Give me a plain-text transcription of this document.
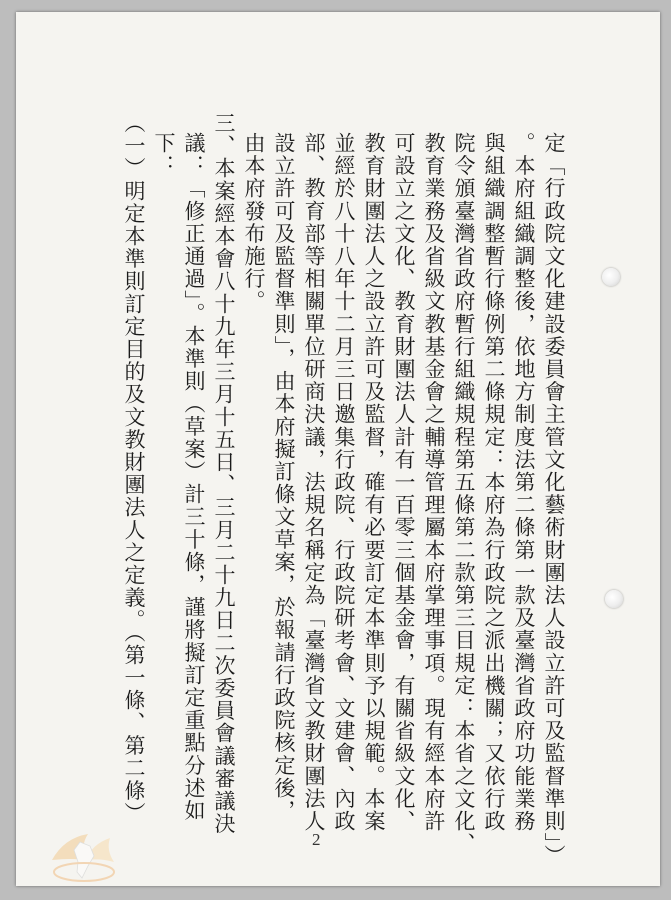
定「行政院文化建設委員會主管文化藝術財團法人設立許可及監督準則」）

。本府組織調整後，依地方制度法第二條第一款及臺灣省政府功能業務

與組織調整暫行條例第二條規定：本府為行政院之派出機關；又依行政

院令頒臺灣省政府暫行組織規程第五條第二款第三目規定：本省之文化、

教育業務及省級文教基金會之輔導管理屬本府掌理事項。現有經本府許

可設立之文化、教育財團法人計有一百零三個基金會，有關省級文化、

教育財團法人之設立許可及監督，確有必要訂定本準則予以規範。本案

並經於八十八年十二月三日邀集行政院、行政院研考會、文建會、內政

部、教育部等相關單位研商決議，法規名稱定為「臺灣省文教財團法人

設立許可及監督準則」，由本府擬訂條文草案，於報請行政院核定後，

由本府發布施行。

三、本案經本會八十九年三月十五日、三月二十九日二次委員會議審議決

議：「修正通過」。本準則（草案）計三十條，謹將擬訂定重點分述如

下：

（一）明定本準則訂定目的及文教財團法人之定義。（第一條、第二條）

2
